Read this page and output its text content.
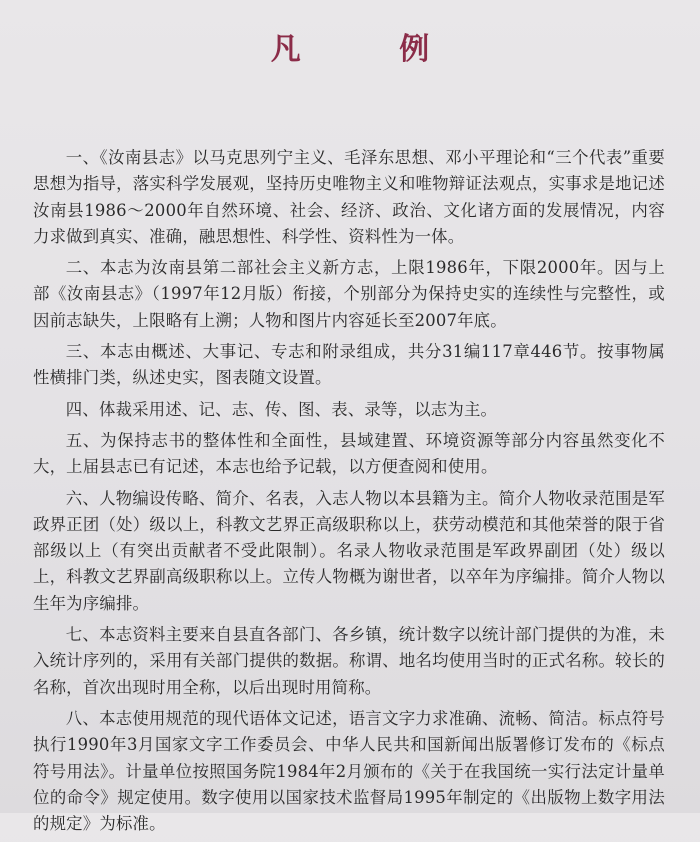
凡 例

一、《汝南县志》以马克思列宁主义、毛泽东思想、邓小平理论和“三个代表”重要思想为指导，落实科学发展观，坚持历史唯物主义和唯物辩证法观点，实事求是地记述汝南县1986～2000年自然环境、社会、经济、政治、文化诸方面的发展情况，内容力求做到真实、准确，融思想性、科学性、资料性为一体。

二、本志为汝南县第二部社会主义新方志，上限1986年，下限2000年。因与上部《汝南县志》（1997年12月版）衔接，个别部分为保持史实的连续性与完整性，或因前志缺失，上限略有上溯；人物和图片内容延长至2007年底。

三、本志由概述、大事记、专志和附录组成，共分31编117章446节。按事物属性横排门类，纵述史实，图表随文设置。

四、体裁采用述、记、志、传、图、表、录等，以志为主。

五、为保持志书的整体性和全面性，县域建置、环境资源等部分内容虽然变化不大，上届县志已有记述，本志也给予记载，以方便查阅和使用。

六、人物编设传略、简介、名表，入志人物以本县籍为主。简介人物收录范围是军政界正团（处）级以上，科教文艺界正高级职称以上，获劳动模范和其他荣誉的限于省部级以上（有突出贡献者不受此限制）。名录人物收录范围是军政界副团（处）级以上，科教文艺界副高级职称以上。立传人物概为谢世者，以卒年为序编排。简介人物以生年为序编排。

七、本志资料主要来自县直各部门、各乡镇，统计数字以统计部门提供的为准，未入统计序列的，采用有关部门提供的数据。称谓、地名均使用当时的正式名称。较长的名称，首次出现时用全称，以后出现时用简称。

八、本志使用规范的现代语体文记述，语言文字力求准确、流畅、简洁。标点符号执行1990年3月国家文字工作委员会、中华人民共和国新闻出版署修订发布的《标点符号用法》。计量单位按照国务院1984年2月颁布的《关于在我国统一实行法定计量单位的命令》规定使用。数字使用以国家技术监督局1995年制定的《出版物上数字用法的规定》为标准。
